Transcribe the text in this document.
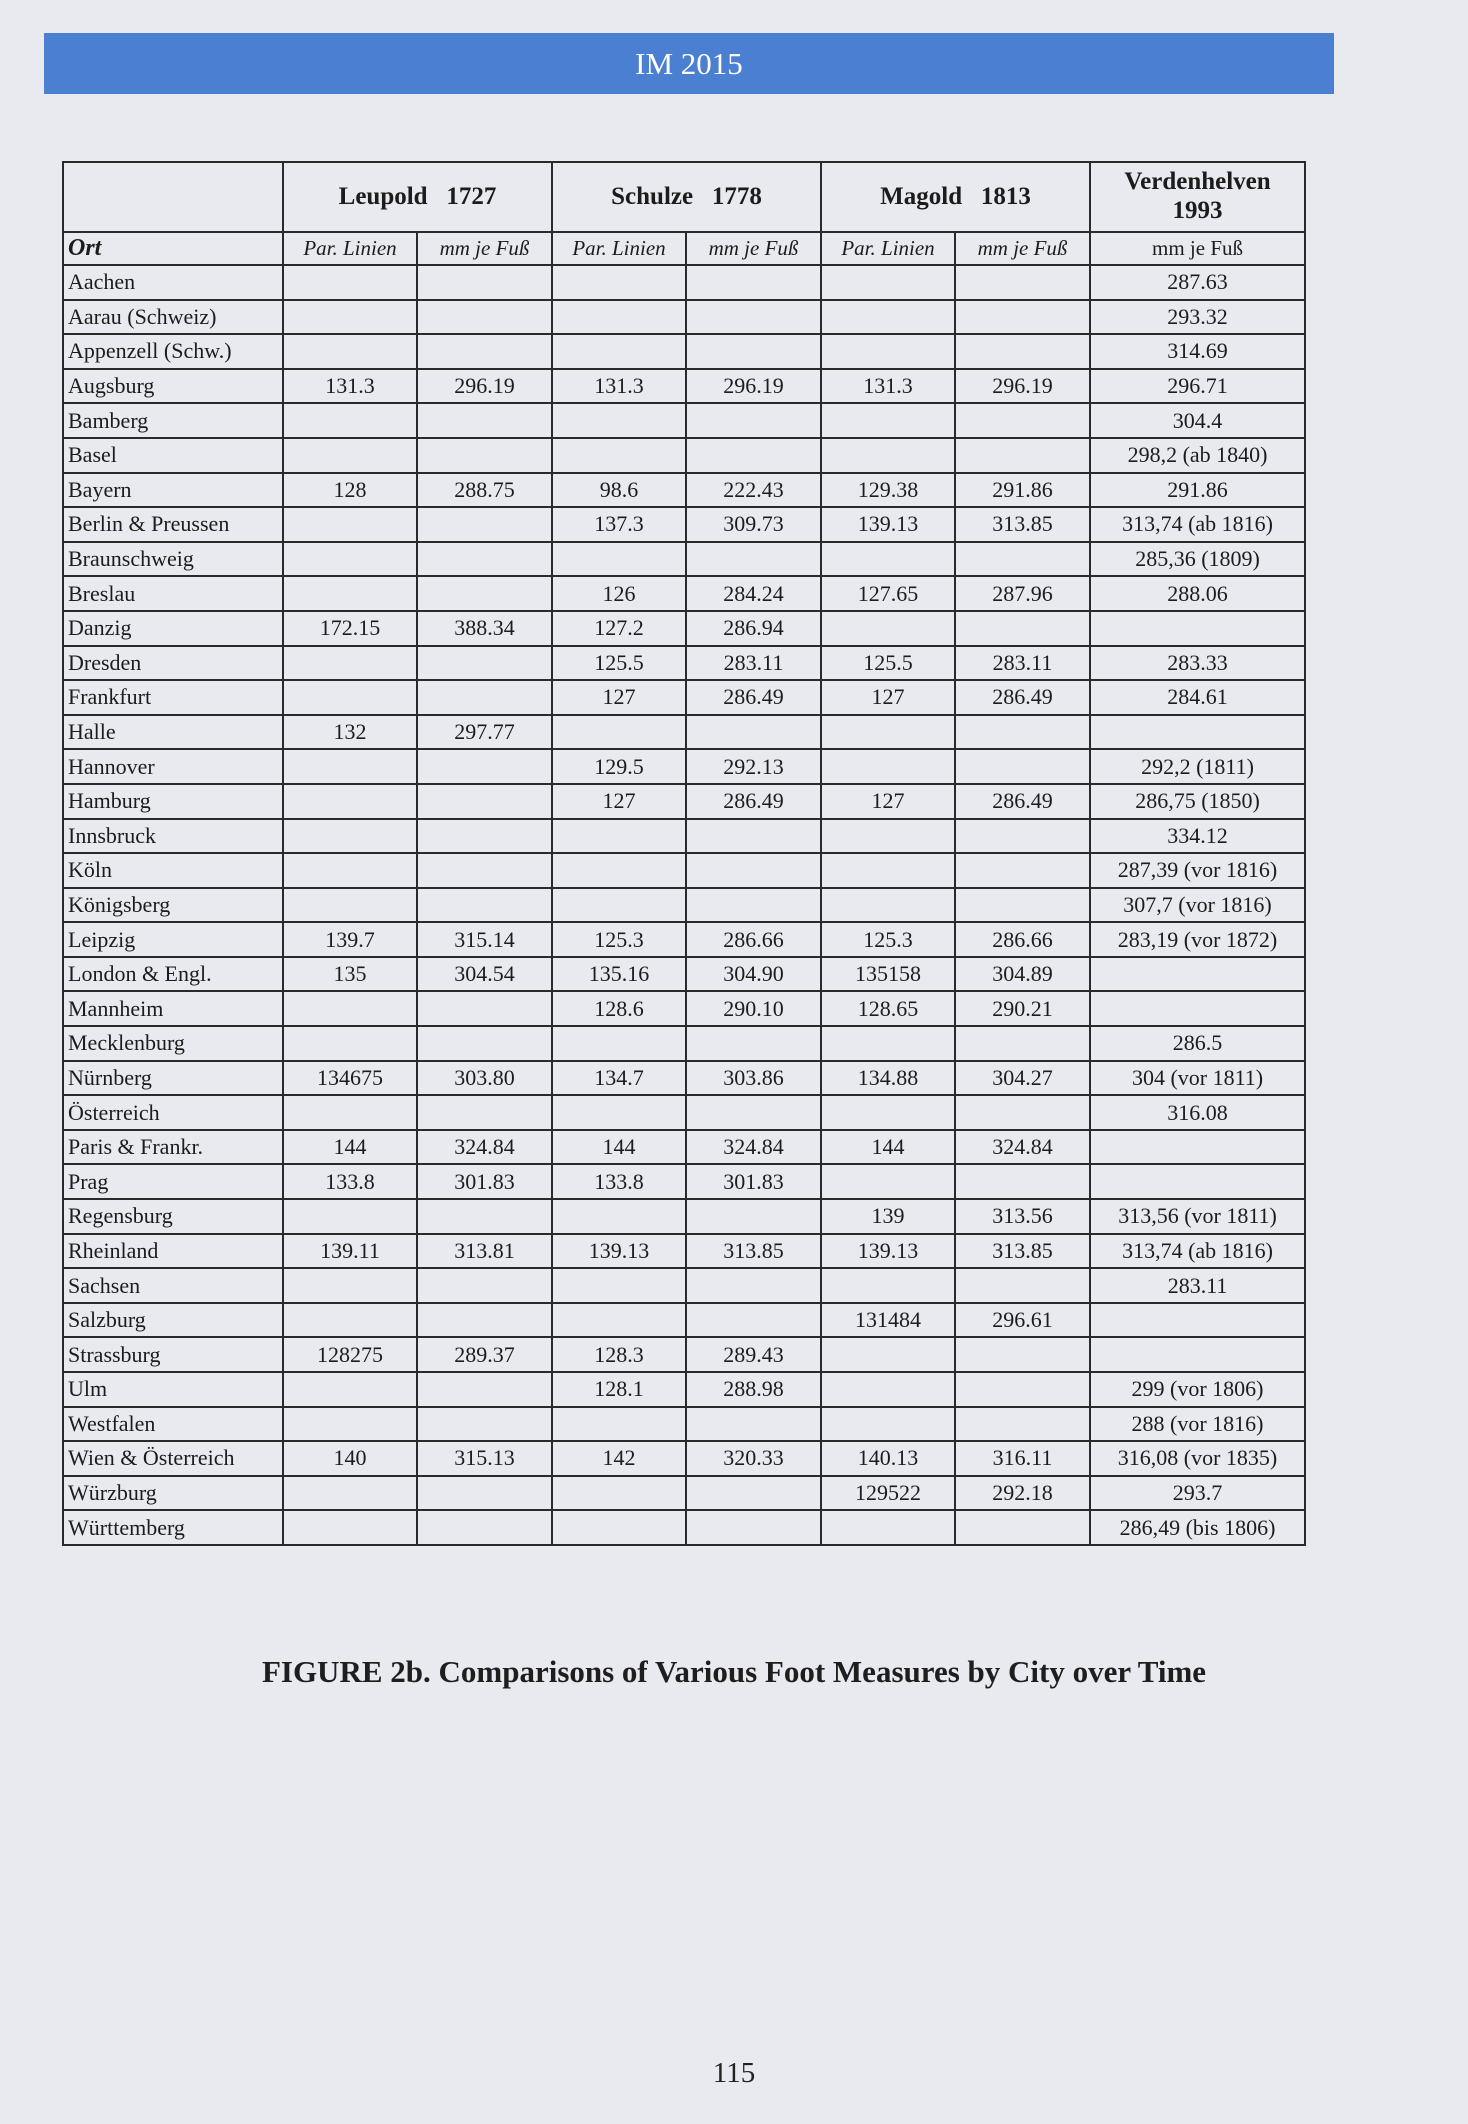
IM 2015
	Leupold 1727		Schulze 1778		Magold 1813		Verdenhelven
1993
Ort	Par. Linien	mm je Fuß	Par. Linien	mm je Fuß	Par. Linien	mm je Fuß	mm je Fuß
Aachen							287.63
Aarau (Schweiz)							293.32
Appenzell (Schw.)							314.69
Augsburg	131.3	296.19	131.3	296.19	131.3	296.19	296.71
Bamberg							304.4
Basel							298,2 (ab 1840)
Bayern	128	288.75	98.6	222.43	129.38	291.86	291.86
Berlin & Preussen			137.3	309.73	139.13	313.85	313,74 (ab 1816)
Braunschweig							285,36 (1809)
Breslau			126	284.24	127.65	287.96	288.06
Danzig	172.15	388.34	127.2	286.94			
Dresden			125.5	283.11	125.5	283.11	283.33
Frankfurt			127	286.49	127	286.49	284.61
Halle	132	297.77					
Hannover			129.5	292.13			292,2 (1811)
Hamburg			127	286.49	127	286.49	286,75 (1850)
Innsbruck							334.12
Köln							287,39 (vor 1816)
Königsberg							307,7 (vor 1816)
Leipzig	139.7	315.14	125.3	286.66	125.3	286.66	283,19 (vor 1872)
London & Engl.	135	304.54	135.16	304.90	135158	304.89	
Mannheim			128.6	290.10	128.65	290.21	
Mecklenburg							286.5
Nürnberg	134675	303.80	134.7	303.86	134.88	304.27	304 (vor 1811)
Österreich							316.08
Paris & Frankr.	144	324.84	144	324.84	144	324.84	
Prag	133.8	301.83	133.8	301.83			
Regensburg					139	313.56	313,56 (vor 1811)
Rheinland	139.11	313.81	139.13	313.85	139.13	313.85	313,74 (ab 1816)
Sachsen							283.11
Salzburg					131484	296.61	
Strassburg	128275	289.37	128.3	289.43			
Ulm			128.1	288.98			299 (vor 1806)
Westfalen							288 (vor 1816)
Wien & Österreich	140	315.13	142	320.33	140.13	316.11	316,08 (vor 1835)
Würzburg					129522	292.18	293.7
Württemberg							286,49 (bis 1806)
FIGURE 2b. Comparisons of Various Foot Measures by City over Time
115
